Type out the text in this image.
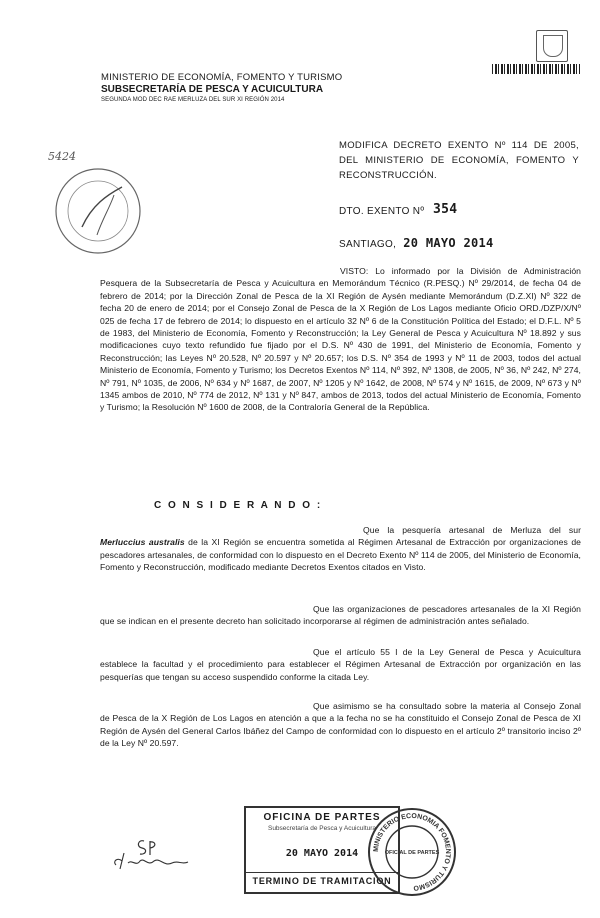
MINISTERIO DE ECONOMÍA, FOMENTO Y TURISMO
SUBSECRETARÍA DE PESCA Y ACUICULTURA
SEGUNDA MOD DEC RAE MERLUZA DEL SUR XI REGIÓN 2014
5424
MODIFICA DECRETO EXENTO Nº 114 DE 2005, DEL MINISTERIO DE ECONOMÍA, FOMENTO Y RECONSTRUCCIÓN.
DTO. EXENTO Nº 354
SANTIAGO, 20 MAYO 2014
VISTO: Lo informado por la División de Administración Pesquera de la Subsecretaría de Pesca y Acuicultura en Memorándum Técnico (R.PESQ.) Nº 29/2014, de fecha 04 de febrero de 2014; por la Dirección Zonal de Pesca de la XI Región de Aysén mediante Memorándum (D.Z.XI) Nº 322 de fecha 20 de enero de 2014; por el Consejo Zonal de Pesca de la X Región de Los Lagos mediante Oficio ORD./DZP/X/Nº 025 de fecha 17 de febrero de 2014; lo dispuesto en el artículo 32 Nº 6 de la Constitución Política del Estado; el D.F.L. Nº 5 de 1983, del Ministerio de Economía, Fomento y Reconstrucción; la Ley General de Pesca y Acuicultura Nº 18.892 y sus modificaciones cuyo texto refundido fue fijado por el D.S. Nº 430 de 1991, del Ministerio de Economía, Fomento y Reconstrucción; las Leyes Nº 20.528, Nº 20.597 y Nº 20.657; los D.S. Nº 354 de 1993 y Nº 11 de 2003, todos del actual Ministerio de Economía, Fomento y Turismo; los Decretos Exentos Nº 114, Nº 392, Nº 1308, de 2005, Nº 36, Nº 242, Nº 274, Nº 791, Nº 1035, de 2006, Nº 634 y Nº 1687, de 2007, Nº 1205 y Nº 1642, de 2008, Nº 574 y Nº 1615, de 2009, Nº 673 y Nº 1345 ambos de 2010, Nº 774 de 2012, Nº 131 y Nº 847, ambos de 2013, todos del actual Ministerio de Economía, Fomento y Turismo; la Resolución Nº 1600 de 2008, de la Contraloría General de la República.
C O N S I D E R A N D O :
Que la pesquería artesanal de Merluza del sur Merluccius australis de la XI Región se encuentra sometida al Régimen Artesanal de Extracción por organizaciones de pescadores artesanales, de conformidad con lo dispuesto en el Decreto Exento Nº 114 de 2005, del Ministerio de Economía, Fomento y Reconstrucción, modificado mediante Decretos Exentos citados en Visto.
Que las organizaciones de pescadores artesanales de la XI Región que se indican en el presente decreto han solicitado incorporarse al régimen de administración antes señalado.
Que el artículo 55 I de la Ley General de Pesca y Acuicultura establece la facultad y el procedimiento para establecer el Régimen Artesanal de Extracción por organización en las pesquerías que tengan su acceso suspendido conforme la citada Ley.
Que asimismo se ha consultado sobre la materia al Consejo Zonal de Pesca de la X Región de Los Lagos en atención a que a la fecha no se ha constituido el Consejo Zonal de Pesca de XI Región de Aysén del General Carlos Ibáñez del Campo de conformidad con lo dispuesto en el artículo 2º transitorio inciso 2º de la Ley Nº 20.597.
OFICINA DE PARTES
Subsecretaría de Pesca y Acuicultura
20 MAYO 2014
TERMINO DE TRAMITACION
MINISTERIO ECONOMIA FOMENTO Y TURISMO
OFICIAL DE PARTES
